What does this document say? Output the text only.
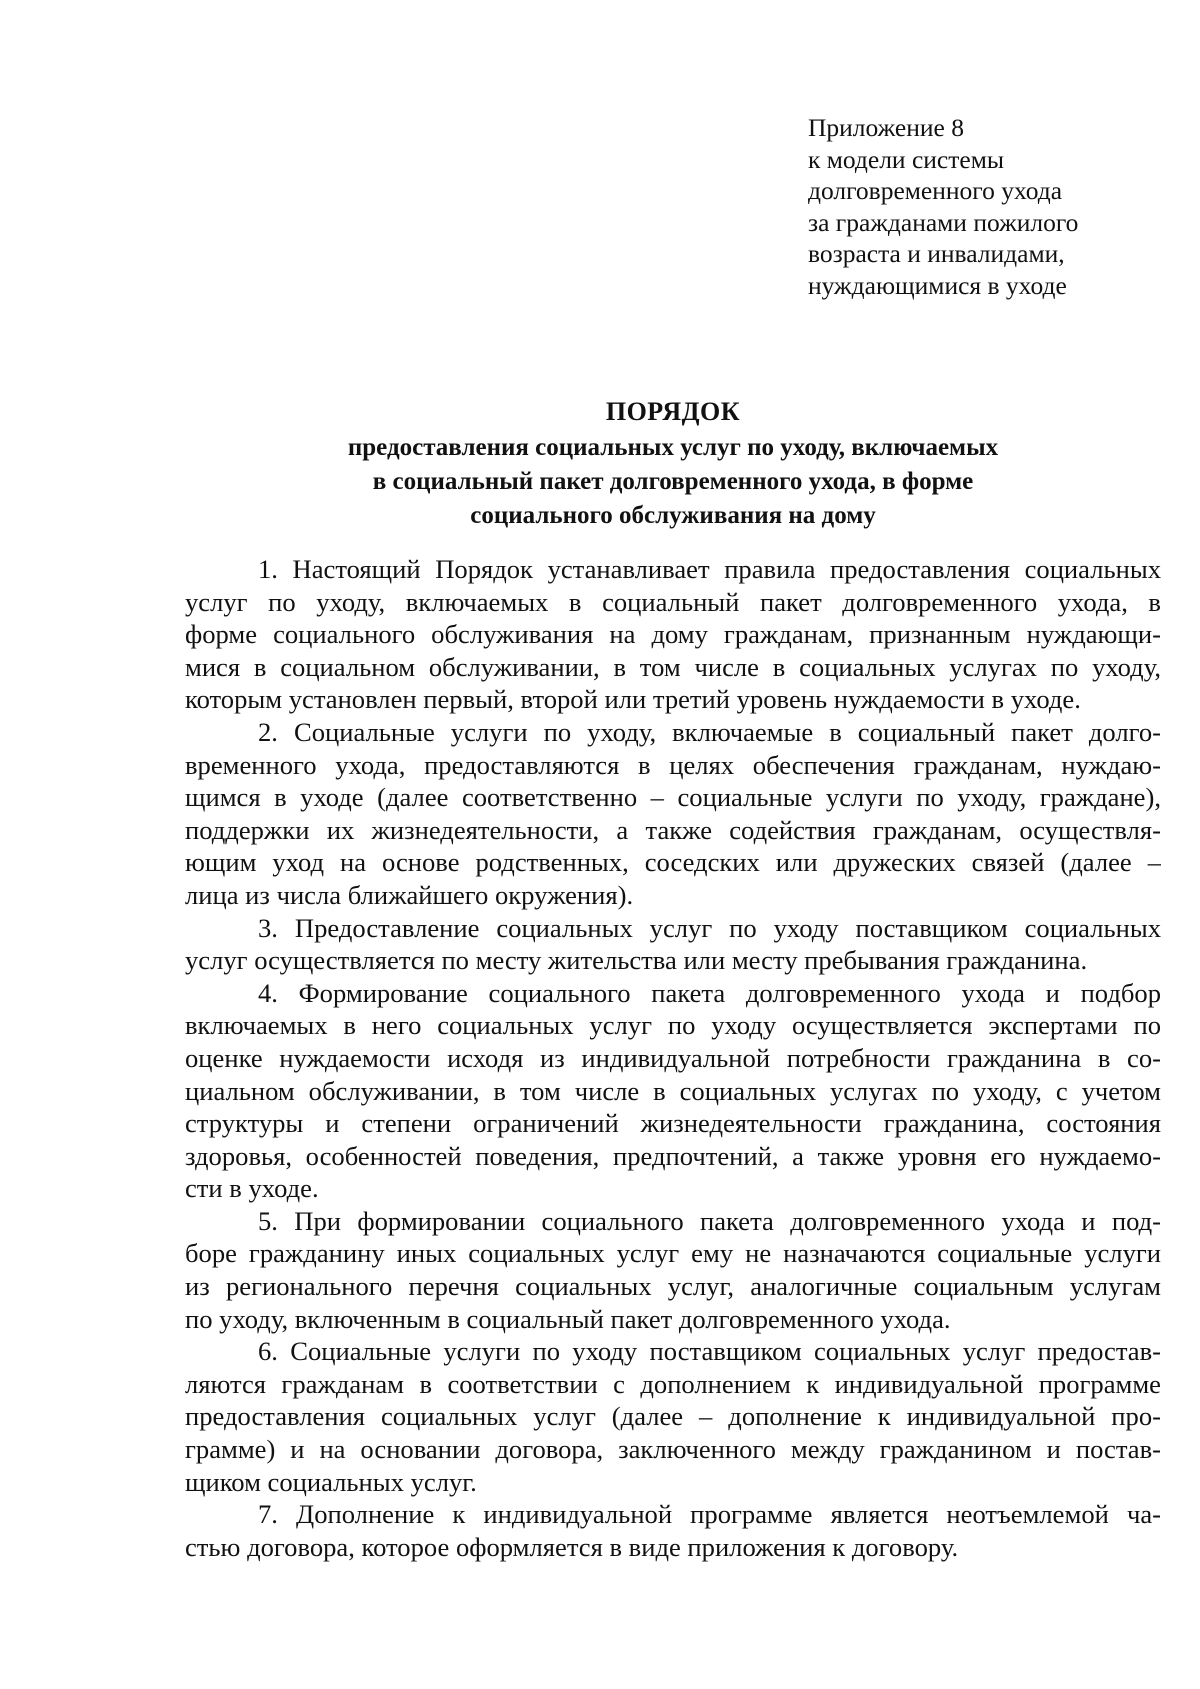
Приложение 8
к модели системы
долговременного ухода
за гражданами пожилого
возраста и инвалидами,
нуждающимися в уходе
ПОРЯДОК
предоставления социальных услуг по уходу, включаемых
в социальный пакет долговременного ухода, в форме
социального обслуживания на дому
1. Настоящий Порядок устанавливает правила предоставления социальных
услуг по уходу, включаемых в социальный пакет долговременного ухода, в
форме социального обслуживания на дому гражданам, признанным нуждающи-
мися в социальном обслуживании, в том числе в социальных услугах по уходу,
которым установлен первый, второй или третий уровень нуждаемости в уходе.
2. Социальные услуги по уходу, включаемые в социальный пакет долго-
временного ухода, предоставляются в целях обеспечения гражданам, нуждаю-
щимся в уходе (далее соответственно – социальные услуги по уходу, граждане),
поддержки их жизнедеятельности, а также содействия гражданам, осуществля-
ющим уход на основе родственных, соседских или дружеских связей (далее –
лица из числа ближайшего окружения).
3. Предоставление социальных услуг по уходу поставщиком социальных
услуг осуществляется по месту жительства или месту пребывания гражданина.
4. Формирование социального пакета долговременного ухода и подбор
включаемых в него социальных услуг по уходу осуществляется экспертами по
оценке нуждаемости исходя из индивидуальной потребности гражданина в со-
циальном обслуживании, в том числе в социальных услугах по уходу, с учетом
структуры и степени ограничений жизнедеятельности гражданина, состояния
здоровья, особенностей поведения, предпочтений, а также уровня его нуждаемо-
сти в уходе.
5. При формировании социального пакета долговременного ухода и под-
боре гражданину иных социальных услуг ему не назначаются социальные услуги
из регионального перечня социальных услуг, аналогичные социальным услугам
по уходу, включенным в социальный пакет долговременного ухода.
6. Социальные услуги по уходу поставщиком социальных услуг предостав-
ляются гражданам в соответствии с дополнением к индивидуальной программе
предоставления социальных услуг (далее – дополнение к индивидуальной про-
грамме) и на основании договора, заключенного между гражданином и постав-
щиком социальных услуг.
7. Дополнение к индивидуальной программе является неотъемлемой ча-
стью договора, которое оформляется в виде приложения к договору.
